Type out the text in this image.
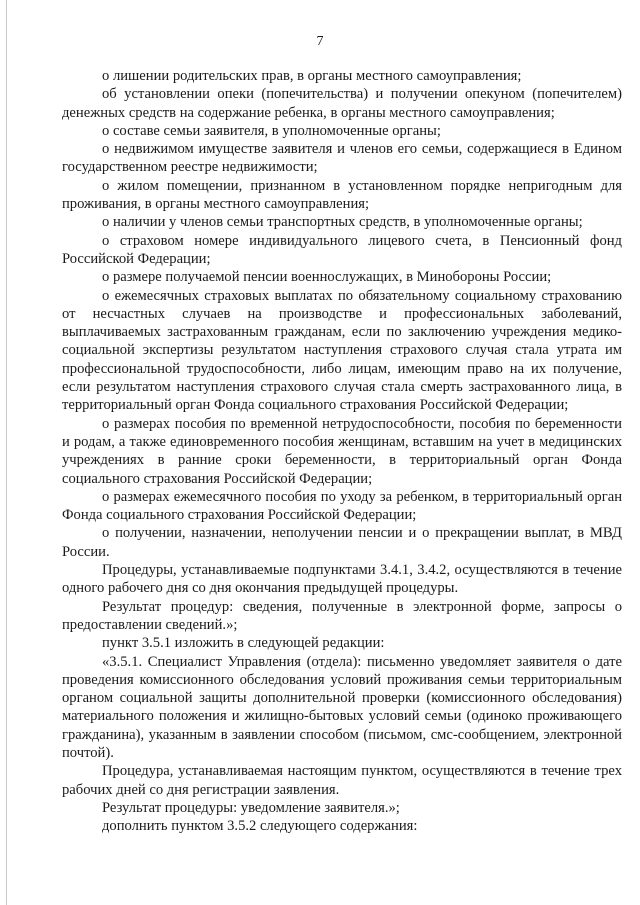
7

о лишении родительских прав, в органы местного самоуправления;

об установлении опеки (попечительства) и получении опекуном (попечителем) денежных средств на содержание ребенка, в органы местного самоуправления;

о составе семьи заявителя, в уполномоченные органы;

о недвижимом имуществе заявителя и членов его семьи, содержащиеся в Едином государственном реестре недвижимости;

о жилом помещении, признанном в установленном порядке непригодным для проживания, в органы местного самоуправления;

о наличии у членов семьи транспортных средств, в уполномоченные органы;

о страховом номере индивидуального лицевого счета, в Пенсионный фонд Российской Федерации;

о размере получаемой пенсии военнослужащих, в Минобороны России;

о ежемесячных страховых выплатах по обязательному социальному страхованию от несчастных случаев на производстве и профессиональных заболеваний, выплачиваемых застрахованным гражданам, если по заключению учреждения медико-социальной экспертизы результатом наступления страхового случая стала утрата им профессиональной трудоспособности, либо лицам, имеющим право на их получение, если результатом наступления страхового случая стала смерть застрахованного лица, в территориальный орган Фонда социального страхования Российской Федерации;

о размерах пособия по временной нетрудоспособности, пособия по беременности и родам, а также единовременного пособия женщинам, вставшим на учет в медицинских учреждениях в ранние сроки беременности, в территориальный орган Фонда социального страхования Российской Федерации;

о размерах ежемесячного пособия по уходу за ребенком, в территориальный орган Фонда социального страхования Российской Федерации;

о получении, назначении, неполучении пенсии и о прекращении выплат, в МВД России.

Процедуры, устанавливаемые подпунктами 3.4.1, 3.4.2, осуществляются в течение одного рабочего дня со дня окончания предыдущей процедуры.

Результат процедур: сведения, полученные в электронной форме, запросы о предоставлении сведений.»;

пункт 3.5.1 изложить в следующей редакции:

«3.5.1. Специалист Управления (отдела): письменно уведомляет заявителя о дате проведения комиссионного обследования условий проживания семьи территориальным органом социальной защиты дополнительной проверки (комиссионного обследования) материального положения и жилищно-бытовых условий семьи (одиноко проживающего гражданина), указанным в заявлении способом (письмом, смс-сообщением, электронной почтой).

Процедура, устанавливаемая настоящим пунктом, осуществляются в течение трех рабочих дней со дня регистрации заявления.

Результат процедуры: уведомление заявителя.»;

дополнить пунктом 3.5.2 следующего содержания:
